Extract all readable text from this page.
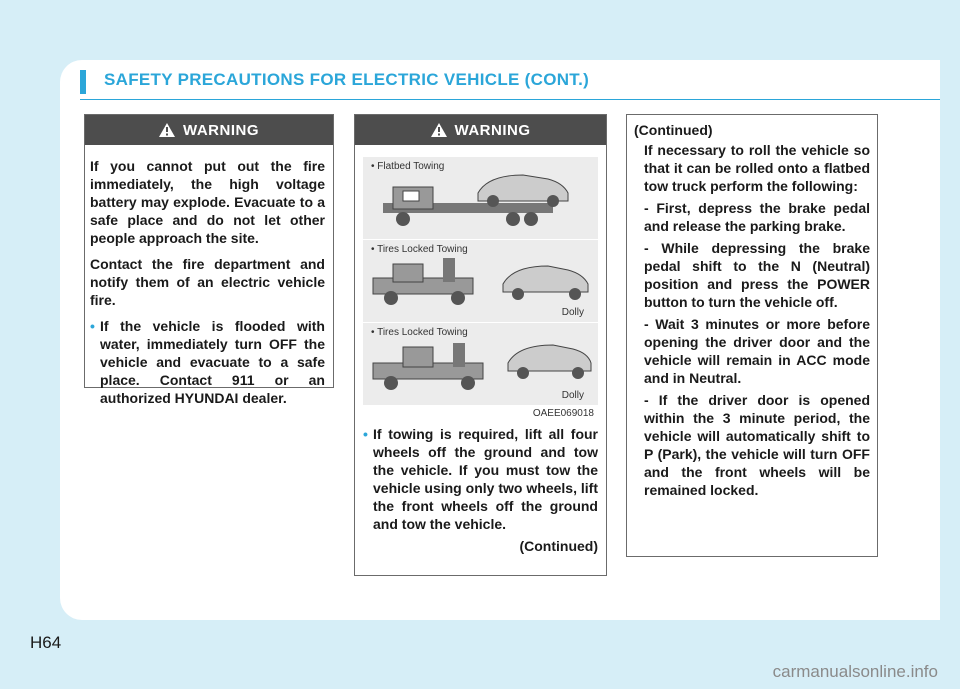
SAFETY PRECAUTIONS FOR ELECTRIC VEHICLE (CONT.)
WARNING

If you cannot put out the fire immediately, the high voltage battery may explode. Evacuate to a safe place and do not let other people approach the site.

Contact the fire department and notify them of an electric vehicle fire.

• If the vehicle is flooded with water, immediately turn OFF the vehicle and evacuate to a safe place. Contact 911 or an authorized HYUNDAI dealer.
WARNING
• Flatbed Towing
• Tires Locked Towing
Dolly
• Tires Locked Towing
Dolly
OAEE069018
• If towing is required, lift all four wheels off the ground and tow the vehicle. If you must tow the vehicle using only two wheels, lift the front wheels off the ground and tow the vehicle.
(Continued)
(Continued)
If necessary to roll the vehicle so that it can be rolled onto a flatbed tow truck perform the following:
- First, depress the brake pedal and release the parking brake.
- While depressing the brake pedal shift to the N (Neutral) position and press the POWER button to turn the vehicle off.
- Wait 3 minutes or more before opening the driver door and the vehicle will remain in ACC mode and in Neutral.
- If the driver door is opened within the 3 minute period, the vehicle will automatically shift to P (Park), the vehicle will turn OFF and the front wheels will be remained locked.
H64
carmanualsonline.info
